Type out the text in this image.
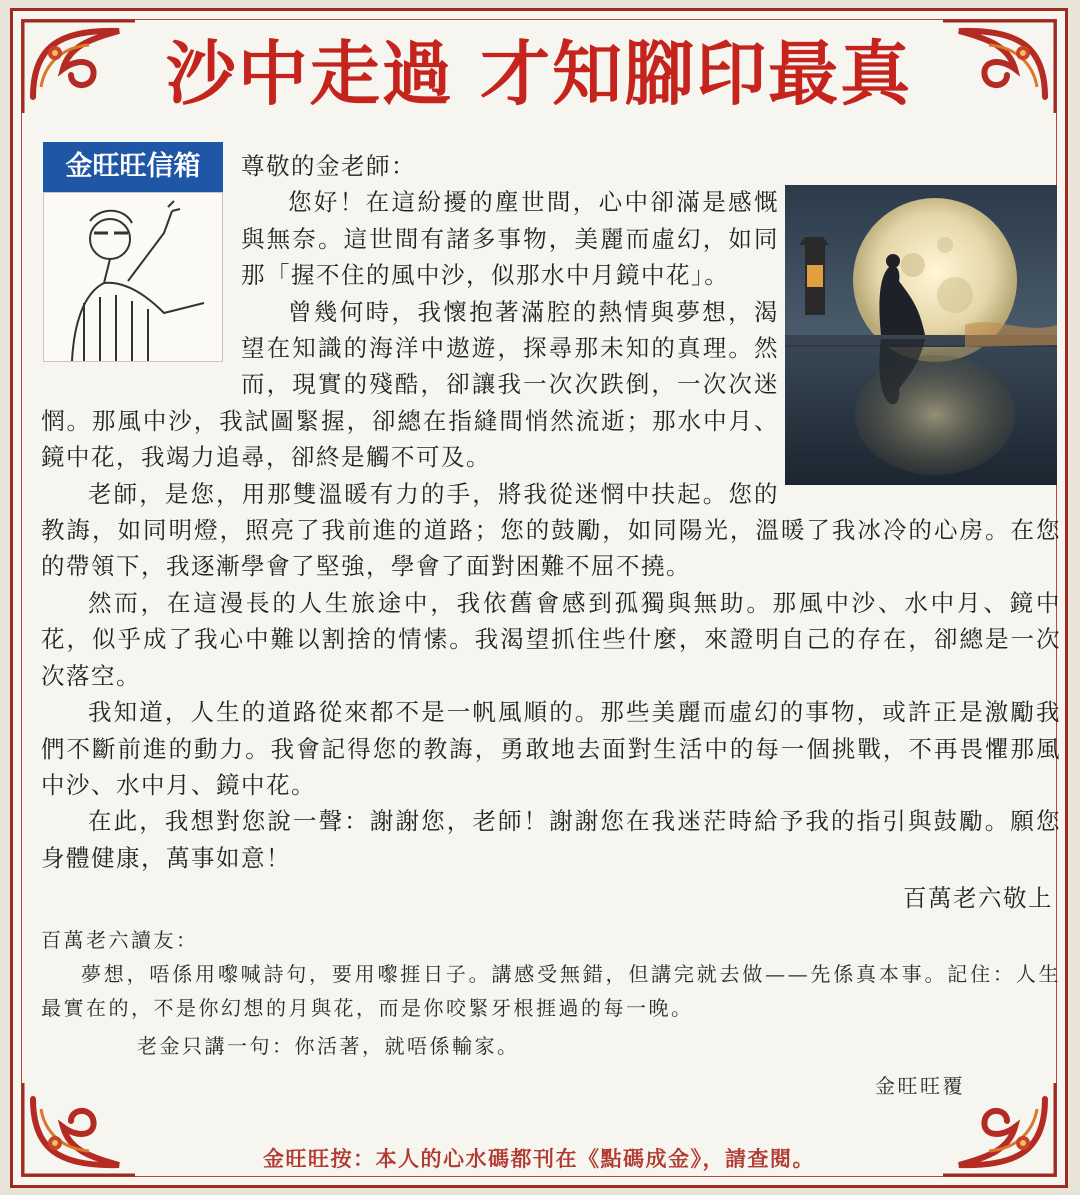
沙中走過 才知腳印最真
金旺旺信箱	尊敬的金老師：

您好！在這紛擾的塵世間，心中卻滿是感慨與無奈。這世間有諸多事物，美麗而虛幻，如同那「握不住的風中沙，似那水中月鏡中花」。

曾幾何時，我懷抱著滿腔的熱情與夢想，渴望在知識的海洋中遨遊，探尋那未知的真理。然而，現實的殘酷，卻讓我一次次跌倒，一次次迷惘。那風中沙，我試圖緊握，卻總在指縫間悄然流逝；那水中月、鏡中花，我竭力追尋，卻終是觸不可及。

老師，是您，用那雙溫暖有力的手，將我從迷惘中扶起。您的教誨，如同明燈，照亮了我前進的道路；您的鼓勵，如同陽光，溫暖了我冰冷的心房。在您的帶領下，我逐漸學會了堅強，學會了面對困難不屈不撓。

然而，在這漫長的人生旅途中，我依舊會感到孤獨與無助。那風中沙、水中月、鏡中花，似乎成了我心中難以割捨的情愫。我渴望抓住些什麼，來證明自己的存在，卻總是一次次落空。

我知道，人生的道路從來都不是一帆風順的。那些美麗而虛幻的事物，或許正是激勵我們不斷前進的動力。我會記得您的教誨，勇敢地去面對生活中的每一個挑戰，不再畏懼那風中沙、水中月、鏡中花。

在此，我想對您說一聲：謝謝您，老師！謝謝您在我迷茫時給予我的指引與鼓勵。願您身體健康，萬事如意！

百萬老六敬上

百萬老六讀友：

夢想，唔係用嚟喊詩句，要用嚟捱日子。講感受無錯，但講完就去做——先係真本事。記住：人生最實在的，不是你幻想的月與花，而是你咬緊牙根捱過的每一晚。

老金只講一句：你活著，就唔係輸家。

金旺旺覆

金旺旺按：本人的心水碼都刊在《點碼成金》，請查閱。
